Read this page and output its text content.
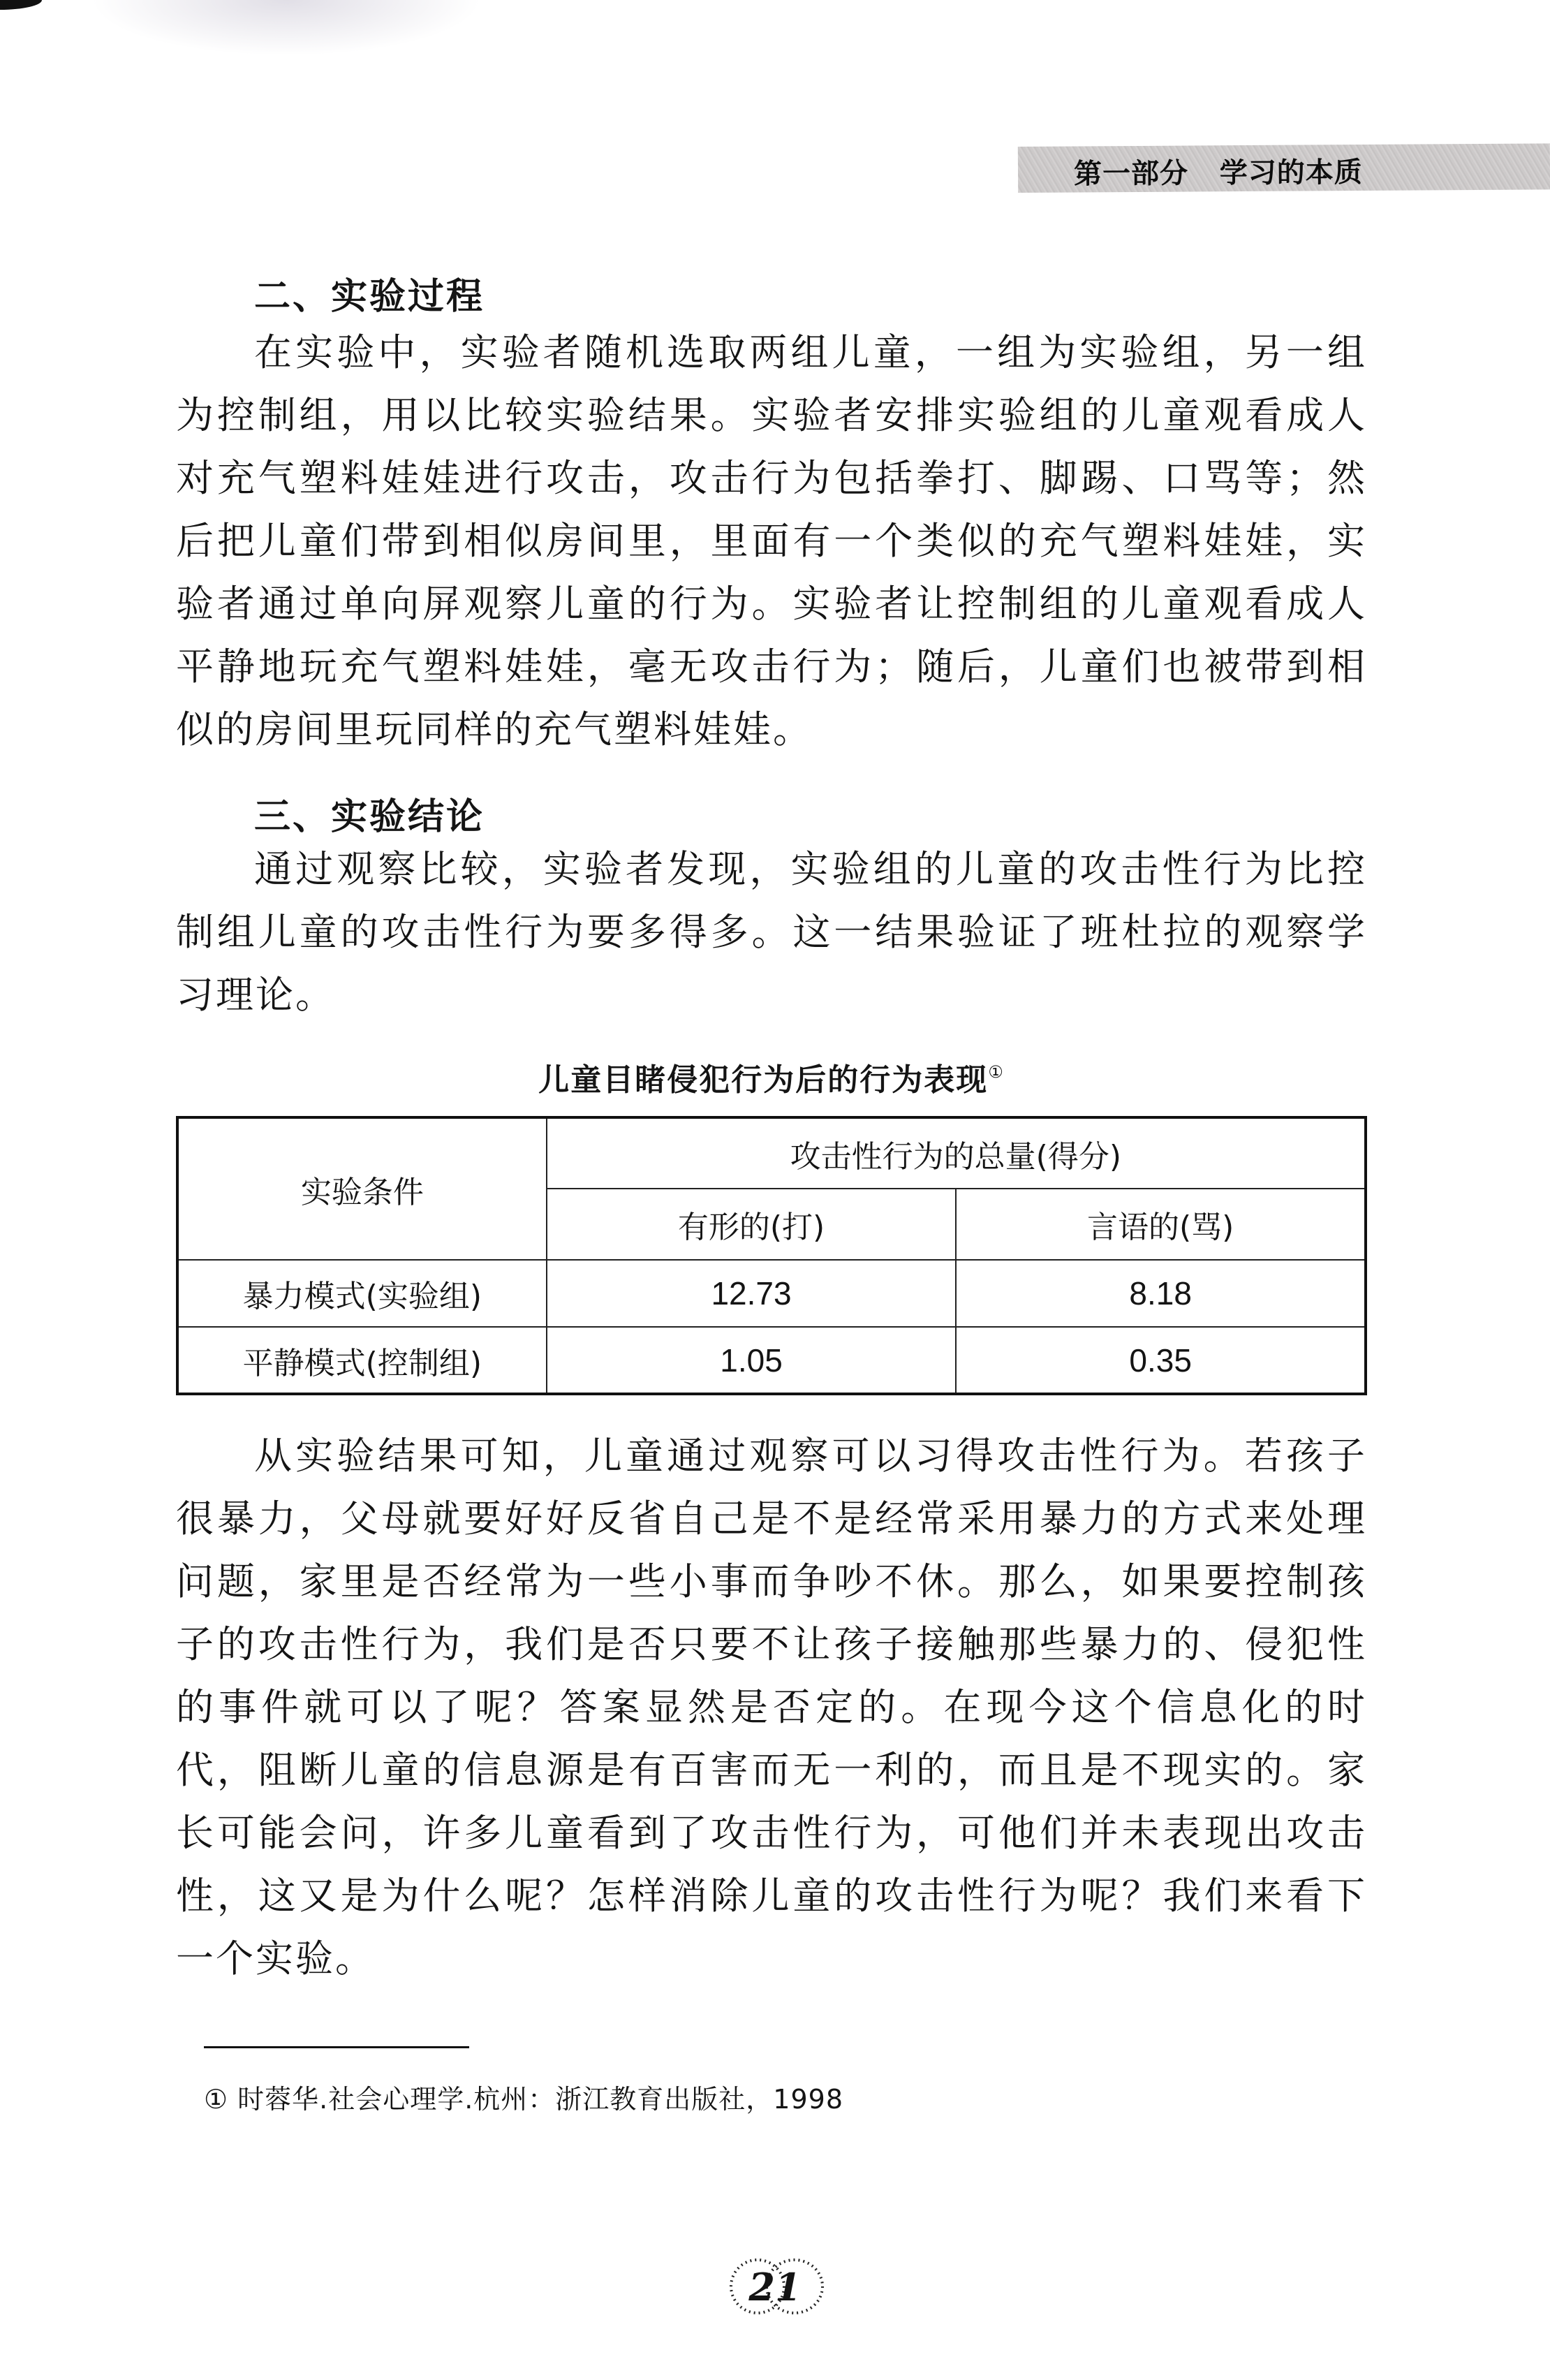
第一部分   学习的本质
二、实验过程

在实验中，实验者随机选取两组儿童，一组为实验组，另一组为控制组，用以比较实验结果。实验者安排实验组的儿童观看成人对充气塑料娃娃进行攻击，攻击行为包括拳打、脚踢、口骂等；然后把儿童们带到相似房间里，里面有一个类似的充气塑料娃娃，实验者通过单向屏观察儿童的行为。实验者让控制组的儿童观看成人平静地玩充气塑料娃娃，毫无攻击行为；随后，儿童们也被带到相似的房间里玩同样的充气塑料娃娃。

三、实验结论

通过观察比较，实验者发现，实验组的儿童的攻击性行为比控制组儿童的攻击性行为要多得多。这一结果验证了班杜拉的观察学习理论。

儿童目睹侵犯行为后的行为表现①
实验条件	攻击性行为的总量(得分)	
	有形的(打)	言语的(骂)
暴力模式(实验组)	12.73	8.18
平静模式(控制组)	1.05	0.35

从实验结果可知，儿童通过观察可以习得攻击性行为。若孩子很暴力，父母就要好好反省自己是不是经常采用暴力的方式来处理问题，家里是否经常为一些小事而争吵不休。那么，如果要控制孩子的攻击性行为，我们是否只要不让孩子接触那些暴力的、侵犯性的事件就可以了呢？答案显然是否定的。在现今这个信息化的时代，阻断儿童的信息源是有百害而无一利的，而且是不现实的。家长可能会问，许多儿童看到了攻击性行为，可他们并未表现出攻击性，这又是为什么呢？怎样消除儿童的攻击性行为呢？我们来看下一个实验。

① 时蓉华.社会心理学.杭州：浙江教育出版社，1998
21
